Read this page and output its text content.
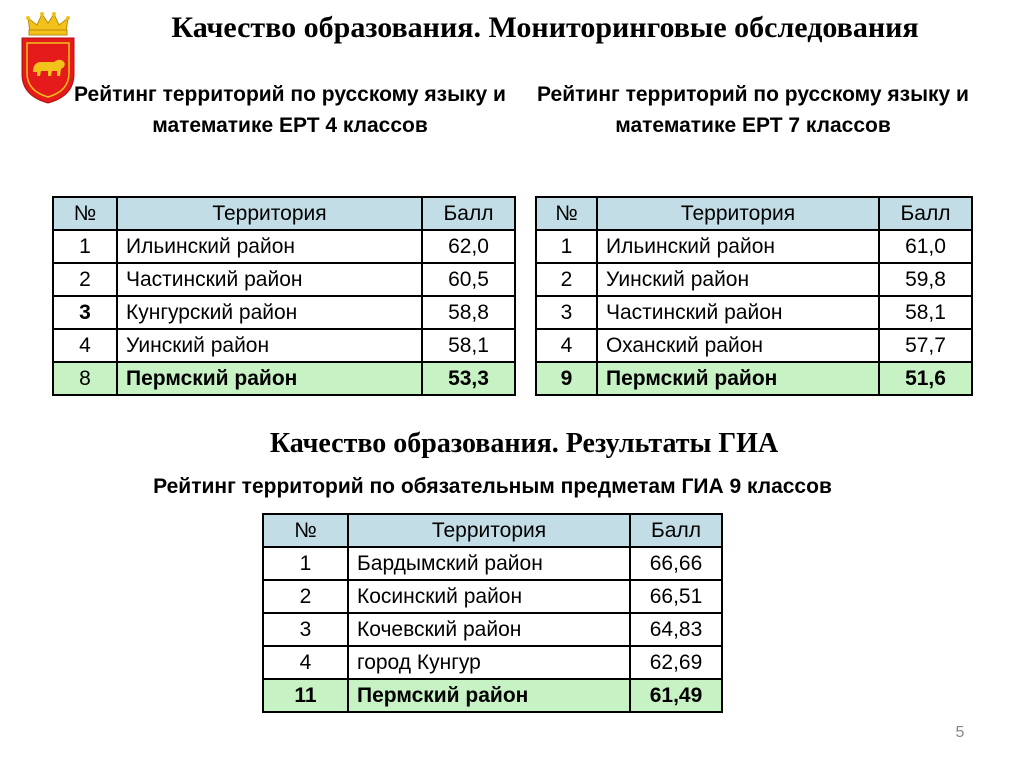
Качество образования. Мониторинговые обследования
Рейтинг территорий по русскому языку и математике ЕРТ 4 классов
Рейтинг территорий по русскому языку и математике ЕРТ 7 классов
№	Территория	Балл
1	Ильинский район	62,0
2	Частинский район	60,5
3	Кунгурский район	58,8
4	Уинский район	58,1
8	Пермский район	53,3
№	Территория	Балл
1	Ильинский район	61,0
2	Уинский район	59,8
3	Частинский район	58,1
4	Оханский район	57,7
9	Пермский район	51,6
Качество образования. Результаты ГИА
Рейтинг территорий по обязательным предметам ГИА 9 классов
№	Территория	Балл
1	Бардымский район	66,66
2	Косинский район	66,51
3	Кочевский район	64,83
4	город Кунгур	62,69
11	Пермский район	61,49
5
